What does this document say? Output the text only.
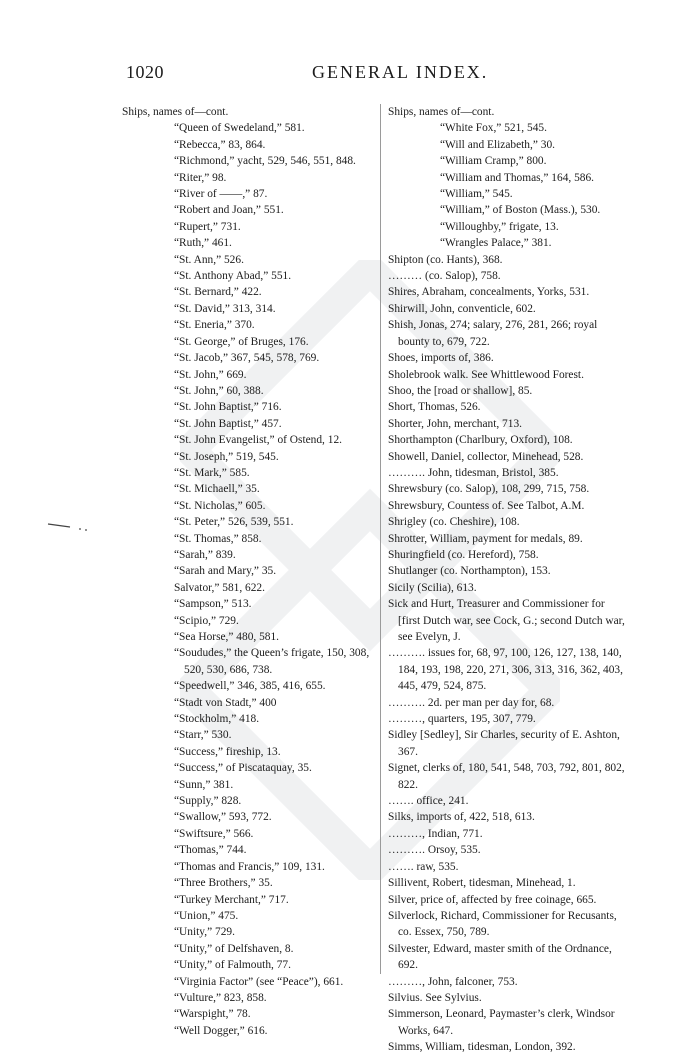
1020	GENERAL INDEX.
Ships, names of—cont.
“Queen of Swedeland,” 581.
“Rebecca,” 83, 864.
“Richmond,” yacht, 529, 546, 551, 848.
“Riter,” 98.
“River of ——,” 87.
“Robert and Joan,” 551.
“Rupert,” 731.
“Ruth,” 461.
“St. Ann,” 526.
“St. Anthony Abad,” 551.
“St. Bernard,” 422.
“St. David,” 313, 314.
“St. Eneria,” 370.
“St. George,” of Bruges, 176.
“St. Jacob,” 367, 545, 578, 769.
“St. John,” 669.
“St. John,” 60, 388.
“St. John Baptist,” 716.
“St. John Baptist,” 457.
“St. John Evangelist,” of Ostend, 12.
“St. Joseph,” 519, 545.
“St. Mark,” 585.
“St. Michaell,” 35.
“St. Nicholas,” 605.
“St. Peter,” 526, 539, 551.
“St. Thomas,” 858.
“Sarah,” 839.
“Sarah and Mary,” 35.
Salvator,” 581, 622.
“Sampson,” 513.
“Scipio,” 729.
“Sea Horse,” 480, 581.
“Soududes,” the Queen’s frigate, 150, 308, 520, 530, 686, 738.
“Speedwell,” 346, 385, 416, 655.
“Stadt von Stadt,” 400
“Stockholm,” 418.
“Starr,” 530.
“Success,” fireship, 13.
“Success,” of Piscataquay, 35.
“Sunn,” 381.
“Supply,” 828.
“Swallow,” 593, 772.
“Swiftsure,” 566.
“Thomas,” 744.
“Thomas and Francis,” 109, 131.
“Three Brothers,” 35.
“Turkey Merchant,” 717.
“Union,” 475.
“Unity,” 729.
“Unity,” of Delfshaven, 8.
“Unity,” of Falmouth, 77.
“Virginia Factor” (see “Peace”), 661.
“Vulture,” 823, 858.
“Warspight,” 78.
“Well Dogger,” 616.
Ships, names of—cont.
“White Fox,” 521, 545.
“Will and Elizabeth,” 30.
“William Cramp,” 800.
“William and Thomas,” 164, 586.
“William,” 545.
“William,” of Boston (Mass.), 530.
“Willoughby,” frigate, 13.
“Wrangles Palace,” 381.
Shipton (co. Hants), 368.
……… (co. Salop), 758.
Shires, Abraham, concealments, Yorks, 531.
Shirwill, John, conventicle, 602.
Shish, Jonas, 274; salary, 276, 281, 266; royal bounty to, 679, 722.
Shoes, imports of, 386.
Sholebrook walk. See Whittlewood Forest.
Shoo, the [road or shallow], 85.
Short, Thomas, 526.
Shorter, John, merchant, 713.
Shorthampton (Charlbury, Oxford), 108.
Showell, Daniel, collector, Minehead, 528.
………. John, tidesman, Bristol, 385.
Shrewsbury (co. Salop), 108, 299, 715, 758.
Shrewsbury, Countess of. See Talbot, A.M.
Shrigley (co. Cheshire), 108.
Shrotter, William, payment for medals, 89.
Shuringfield (co. Hereford), 758.
Shutlanger (co. Northampton), 153.
Sicily (Scilia), 613.
Sick and Hurt, Treasurer and Commissioner for [first Dutch war, see Cock, G.; second Dutch war, see Evelyn, J.
………. issues for, 68, 97, 100, 126, 127, 138, 140, 184, 193, 198, 220, 271, 306, 313, 316, 362, 403, 445, 479, 524, 875.
………. 2d. per man per day for, 68.
………, quarters, 195, 307, 779.
Sidley [Sedley], Sir Charles, security of E. Ashton, 367.
Signet, clerks of, 180, 541, 548, 703, 792, 801, 802, 822.
……. office, 241.
Silks, imports of, 422, 518, 613.
………, Indian, 771.
………. Orsoy, 535.
……. raw, 535.
Sillivent, Robert, tidesman, Minehead, 1.
Silver, price of, affected by free coinage, 665.
Silverlock, Richard, Commissioner for Recusants, co. Essex, 750, 789.
Silvester, Edward, master smith of the Ordnance, 692.
………, John, falconer, 753.
Silvius. See Sylvius.
Simmerson, Leonard, Paymaster’s clerk, Windsor Works, 647.
Simms, William, tidesman, London, 392.
